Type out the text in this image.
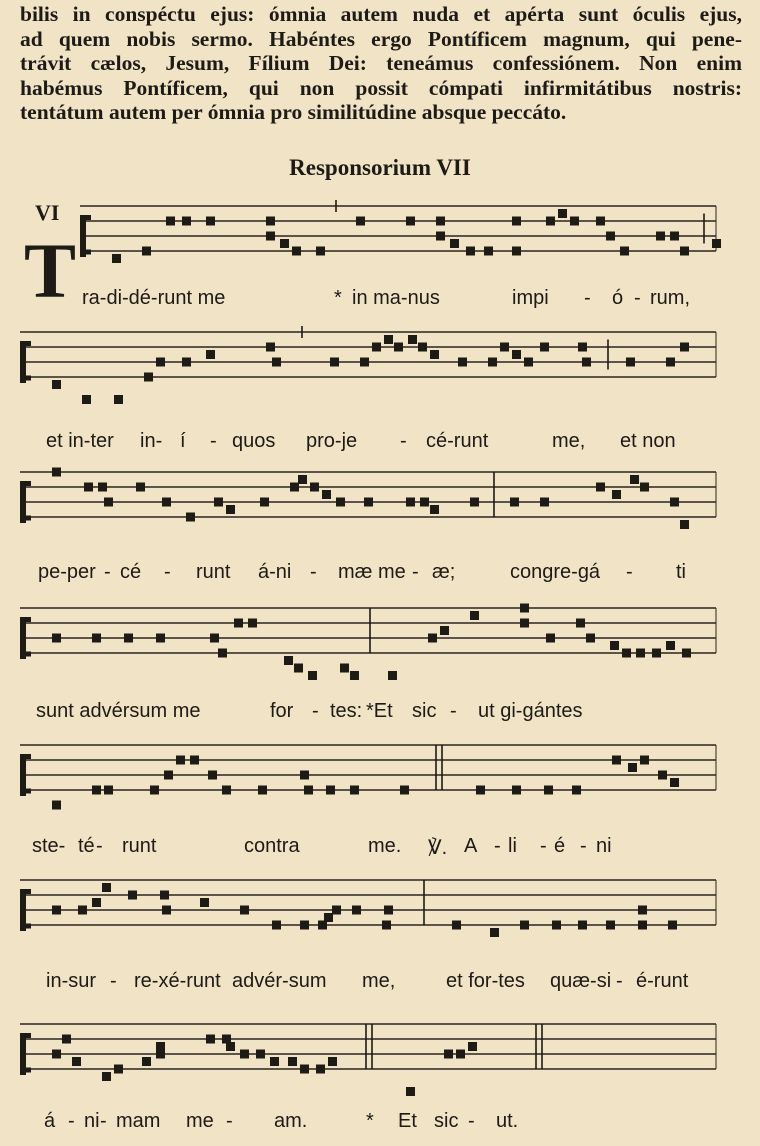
bilis in conspéctu ejus: ómnia autem nuda et apérta sunt óculis ejus,
ad quem nobis sermo. Habéntes ergo Pontíficem magnum, qui pene-
trávit cælos, Jesum, Fílium Dei: teneámus confessiónem. Non enim
habémus Pontíficem, qui non possit cómpati infirmitátibus nostris:
tentátum autem per ómnia pro similitúdine absque peccáto.
Responsorium VII
VI
T ra-di-dé-runt me	* in ma-nus	impi - ó - rum,
et in-ter in- í - quos pro-je - cé-runt	me, et non
pe-per - cé - runt á-ni - mæ me - æ;	congre-gá - ti
sunt advérsum me	for - tes: *Et sic - ut gi-gántes
ste- té - runt	contra	me. ℣. A - li - é - ni
in-sur - re-xé-runt advér-sum me,	et for-tes quæ-si - é-runt
á - ni - mam me - am.	* Et sic - ut.
